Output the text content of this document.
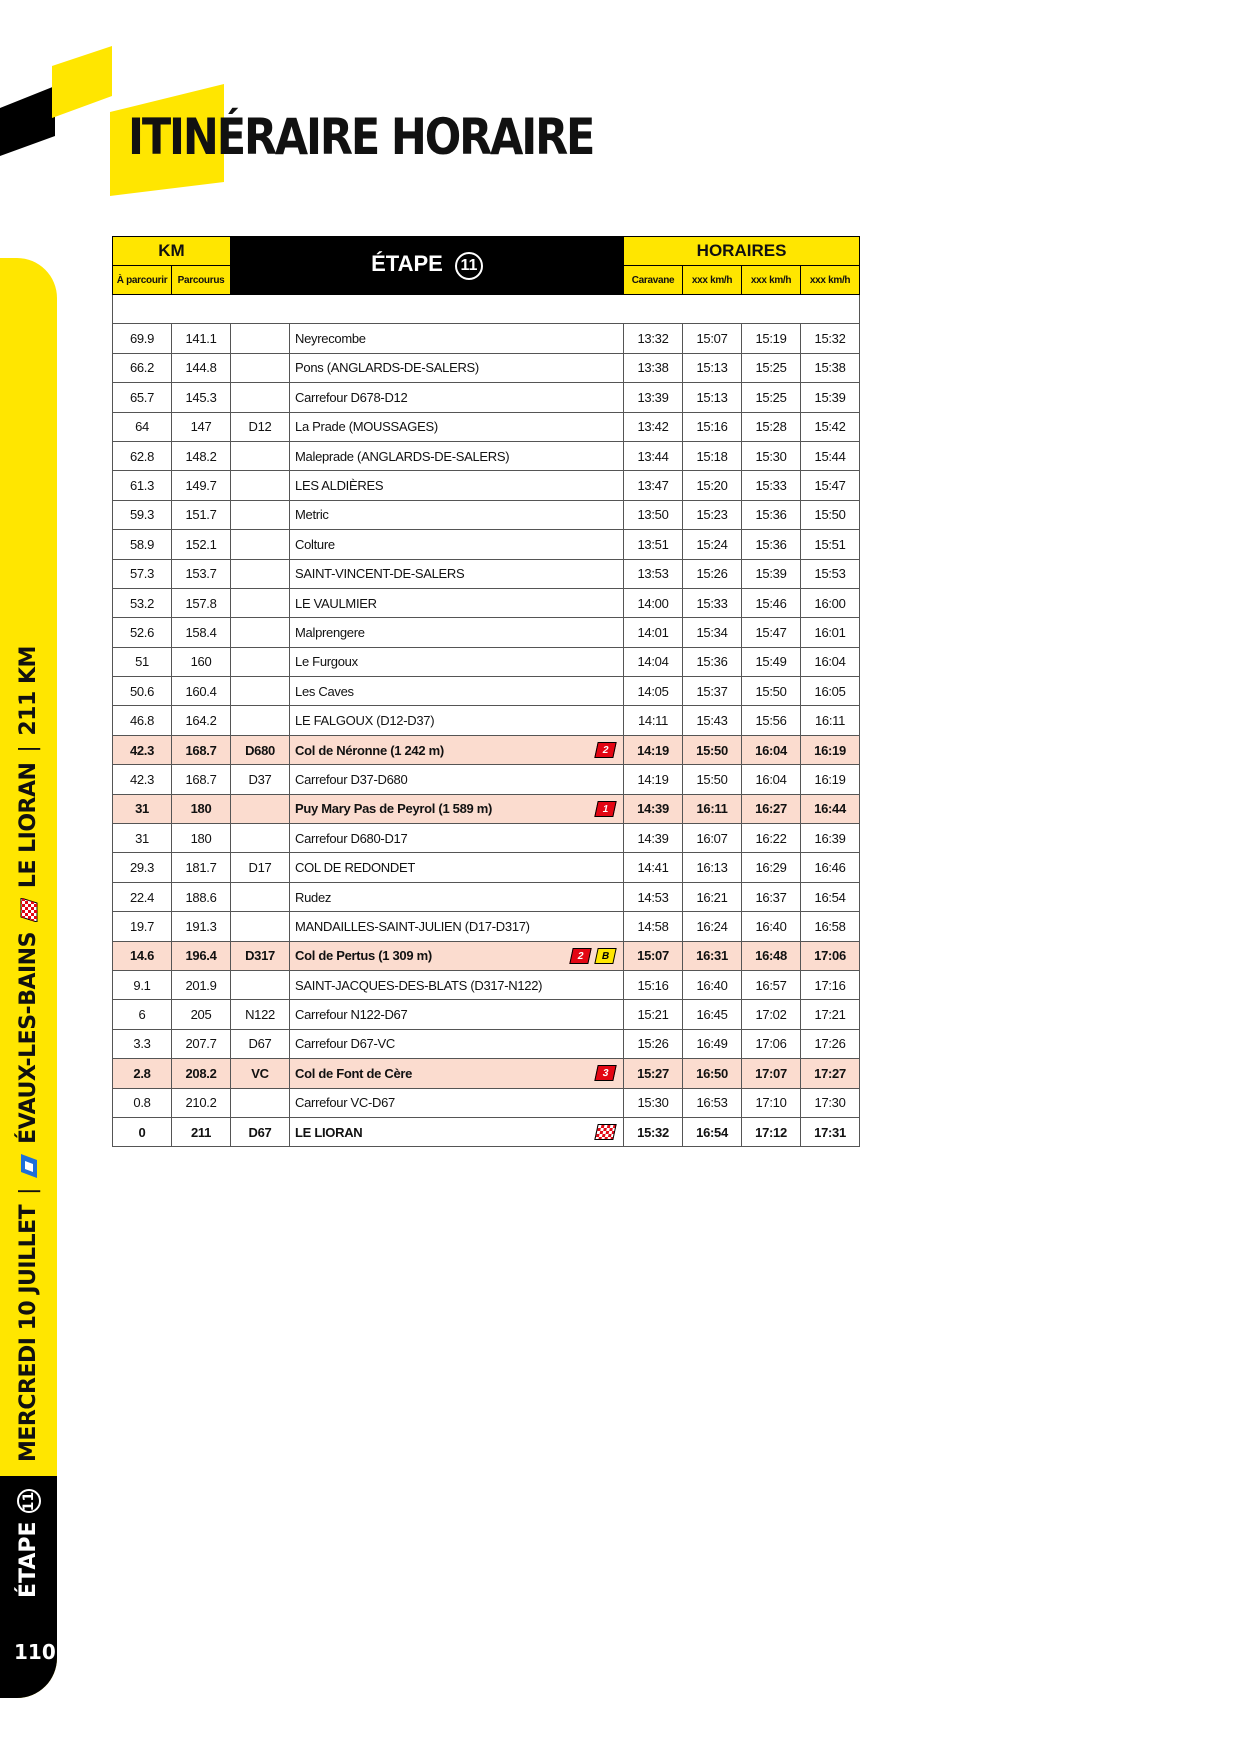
ITINÉRAIRE HORAIRE
KM		ÉTAPE 11		HORAIRES			
À parcourir	Parcourus			Caravane	xxx km/h	xxx km/h	xxx km/h

69.9	141.1		Neyrecombe	13:32	15:07	15:19	15:32
66.2	144.8		Pons (ANGLARDS-DE-SALERS)	13:38	15:13	15:25	15:38
65.7	145.3		Carrefour D678-D12	13:39	15:13	15:25	15:39
64	147	D12	La Prade (MOUSSAGES)	13:42	15:16	15:28	15:42
62.8	148.2		Maleprade (ANGLARDS-DE-SALERS)	13:44	15:18	15:30	15:44
61.3	149.7		LES ALDIÈRES	13:47	15:20	15:33	15:47
59.3	151.7		Metric	13:50	15:23	15:36	15:50
58.9	152.1		Colture	13:51	15:24	15:36	15:51
57.3	153.7		SAINT-VINCENT-DE-SALERS	13:53	15:26	15:39	15:53
53.2	157.8		LE VAULMIER	14:00	15:33	15:46	16:00
52.6	158.4		Malprengere	14:01	15:34	15:47	16:01
51	160		Le Furgoux	14:04	15:36	15:49	16:04
50.6	160.4		Les Caves	14:05	15:37	15:50	16:05
46.8	164.2		LE FALGOUX (D12-D37)	14:11	15:43	15:56	16:11
42.3	168.7	D680	Col de Néronne (1 242 m) 2	14:19	15:50	16:04	16:19
42.3	168.7	D37	Carrefour D37-D680	14:19	15:50	16:04	16:19
31	180		Puy Mary Pas de Peyrol (1 589 m) 1	14:39	16:11	16:27	16:44
31	180		Carrefour D680-D17	14:39	16:07	16:22	16:39
29.3	181.7	D17	COL DE REDONDET	14:41	16:13	16:29	16:46
22.4	188.6		Rudez	14:53	16:21	16:37	16:54
19.7	191.3		MANDAILLES-SAINT-JULIEN (D17-D317)	14:58	16:24	16:40	16:58
14.6	196.4	D317	Col de Pertus (1 309 m) 2 B	15:07	16:31	16:48	17:06
9.1	201.9		SAINT-JACQUES-DES-BLATS (D317-N122)	15:16	16:40	16:57	17:16
6	205	N122	Carrefour N122-D67	15:21	16:45	17:02	17:21
3.3	207.7	D67	Carrefour D67-VC	15:26	16:49	17:06	17:26
2.8	208.2	VC	Col de Font de Cère 3	15:27	16:50	17:07	17:27
0.8	210.2		Carrefour VC-D67	15:30	16:53	17:10	17:30
0	211	D67	LE LIORAN	15:32	16:54	17:12	17:31
MERCREDI 10 JUILLET
|
ÉVAUX-LES-BAINS
LE LIORAN
|
211 KM
ÉTAPE
11
110
